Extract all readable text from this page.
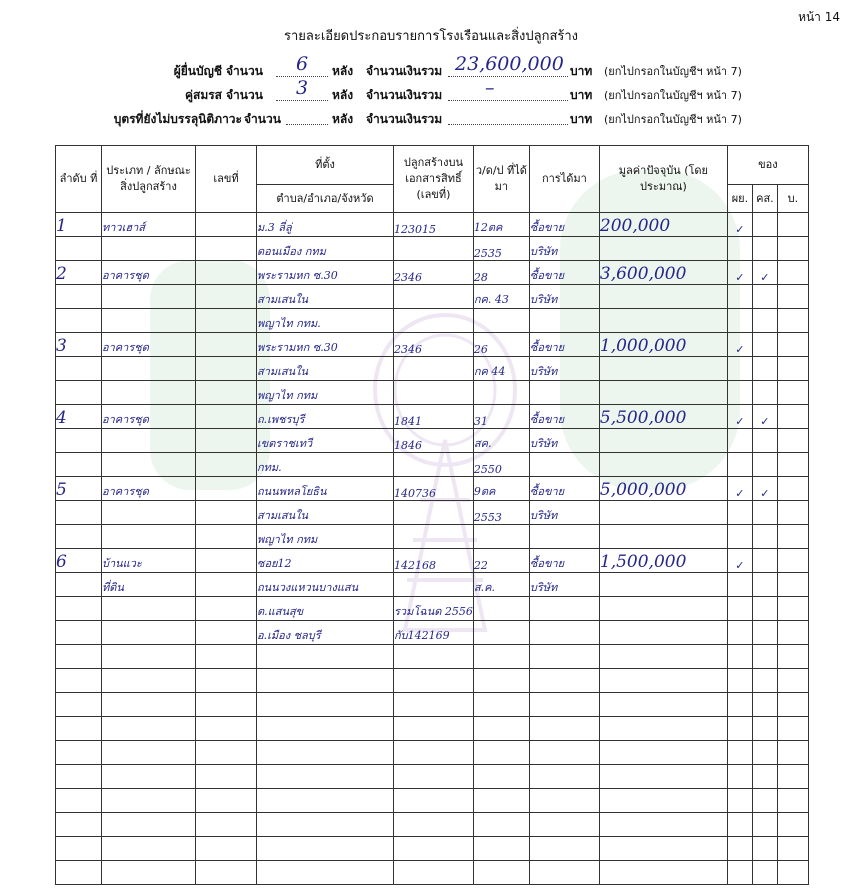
หน้า 14
รายละเอียดประกอบรายการโรงเรือนและสิ่งปลูกสร้าง
ผู้ยื่นบัญชี จำนวน 6 หลัง จำนวนเงินรวม 23,600,000 บาท (ยกไปกรอกในบัญชีฯ หน้า 7)
คู่สมรส จำนวน 3 หลัง จำนวนเงินรวม –	บาท (ยกไปกรอกในบัญชีฯ หน้า 7)
บุตรที่ยังไม่บรรลุนิติภาวะ จำนวน	หลัง จำนวนเงินรวม	บาท (ยกไปกรอกในบัญชีฯ หน้า 7)
ลำดับ ที่	ประเภท / ลักษณะ สิ่งปลูกสร้าง	เลขที่	ที่ตั้ง	ปลูกสร้างบน เอกสารสิทธิ์ (เลขที่)	ว/ด/ป ที่ได้มา	การได้มา	มูลค่าปัจจุบัน (โดยประมาณ)	ของ		
			ตำบล/อำเภอ/จังหวัด					ผย.	คส.	บ.
1	ทาวเฮาส์		ม.3 ลี่ลู่	123015	12ตค	ซื้อขาย	200,000	✓		
			ดอนเมือง กทม		2535	บริษัท				
2	อาคารชุด		พระรามหก ซ.30	2346	28	ซื้อขาย	3,600,000	✓	✓	
			สามเสนใน		กค. 43	บริษัท				
			พญาไท กทม.							
3	อาคารชุด		พระรามหก ซ.30	2346	26	ซื้อขาย	1,000,000	✓		
			สามเสนใน		กค 44	บริษัท				
			พญาไท กทม							
4	อาคารชุด		ถ.เพชรบุรี	1841	31	ซื้อขาย	5,500,000	✓	✓	
			เขตราชเทวี	1846	สค.	บริษัท				
			กทม.		2550					
5	อาคารชุด		ถนนพหลโยธิน	140736	9ตค	ซื้อขาย	5,000,000	✓	✓	
			สามเสนใน		2553	บริษัท				
			พญาไท กทม							
6	บ้านแวะ		ซอย12	142168	22	ซื้อขาย	1,500,000	✓		
	ที่ดิน		ถนนวงแหวนบางแสน		ส.ค.	บริษัท				
			ต.แสนสุข	รวมโฉนด 2556						
			อ.เมือง ชลบุรี	กับ142169						
